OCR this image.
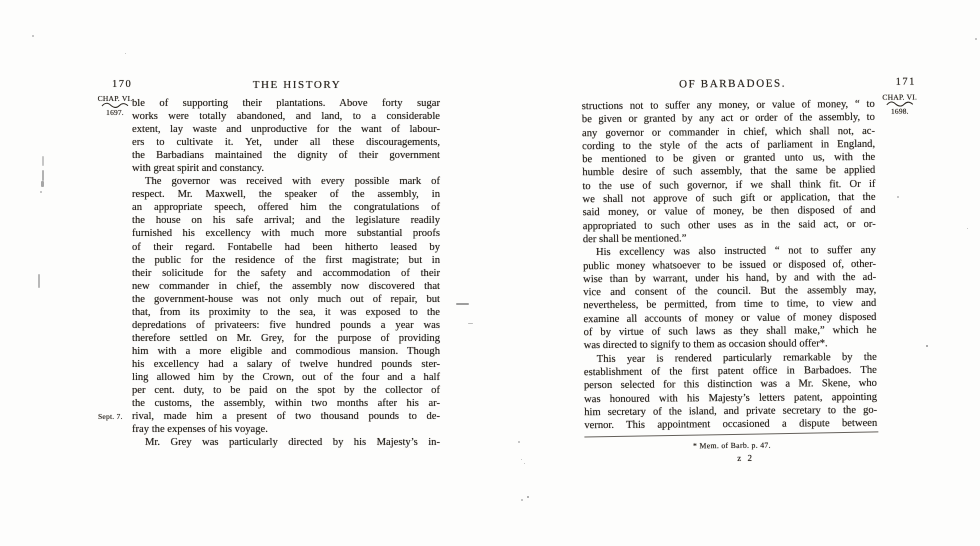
170	THE HISTORY
CHAP. VI.
1697.
Sept. 7.
ble of supporting their plantations. Above forty sugar
works were totally abandoned, and land, to a considerable
extent, lay waste and unproductive for the want of labour-
ers to cultivate it. Yet, under all these discouragements,
the Barbadians maintained the dignity of their government
with great spirit and constancy.
The governor was received with every possible mark of
respect. Mr. Maxwell, the speaker of the assembly, in
an appropriate speech, offered him the congratulations of
the house on his safe arrival; and the legislature readily
furnished his excellency with much more substantial proofs
of their regard. Fontabelle had been hitherto leased by
the public for the residence of the first magistrate; but in
their solicitude for the safety and accommodation of their
new commander in chief, the assembly now discovered that
the government-house was not only much out of repair, but
that, from its proximity to the sea, it was exposed to the
depredations of privateers: five hundred pounds a year was
therefore settled on Mr. Grey, for the purpose of providing
him with a more eligible and commodious mansion. Though
his excellency had a salary of twelve hundred pounds ster-
ling allowed him by the Crown, out of the four and a half
per cent. duty, to be paid on the spot by the collector of
the customs, the assembly, within two months after his ar-
rival, made him a present of two thousand pounds to de-
fray the expenses of his voyage.
Mr. Grey was particularly directed by his Majesty’s in-
OF BARBADOES.	171
CHAP. VI.
1698.
structions not to suffer any money, or value of money, “ to
be given or granted by any act or order of the assembly, to
any governor or commander in chief, which shall not, ac-
cording to the style of the acts of parliament in England,
be mentioned to be given or granted unto us, with the
humble desire of such assembly, that the same be applied
to the use of such governor, if we shall think fit. Or if
we shall not approve of such gift or application, that the
said money, or value of money, be then disposed of and
appropriated to such other uses as in the said act, or or-
der shall be mentioned.”
His excellency was also instructed “ not to suffer any
public money whatsoever to be issued or disposed of, other-
wise than by warrant, under his hand, by and with the ad-
vice and consent of the council. But the assembly may,
nevertheless, be permitted, from time to time, to view and
examine all accounts of money or value of money disposed
of by virtue of such laws as they shall make,” which he
was directed to signify to them as occasion should offer*.
This year is rendered particularly remarkable by the
establishment of the first patent office in Barbadoes. The
person selected for this distinction was a Mr. Skene, who
was honoured with his Majesty’s letters patent, appointing
him secretary of the island, and private secretary to the go-
vernor. This appointment occasioned a dispute between
* Mem. of Barb. p. 47.
z 2
